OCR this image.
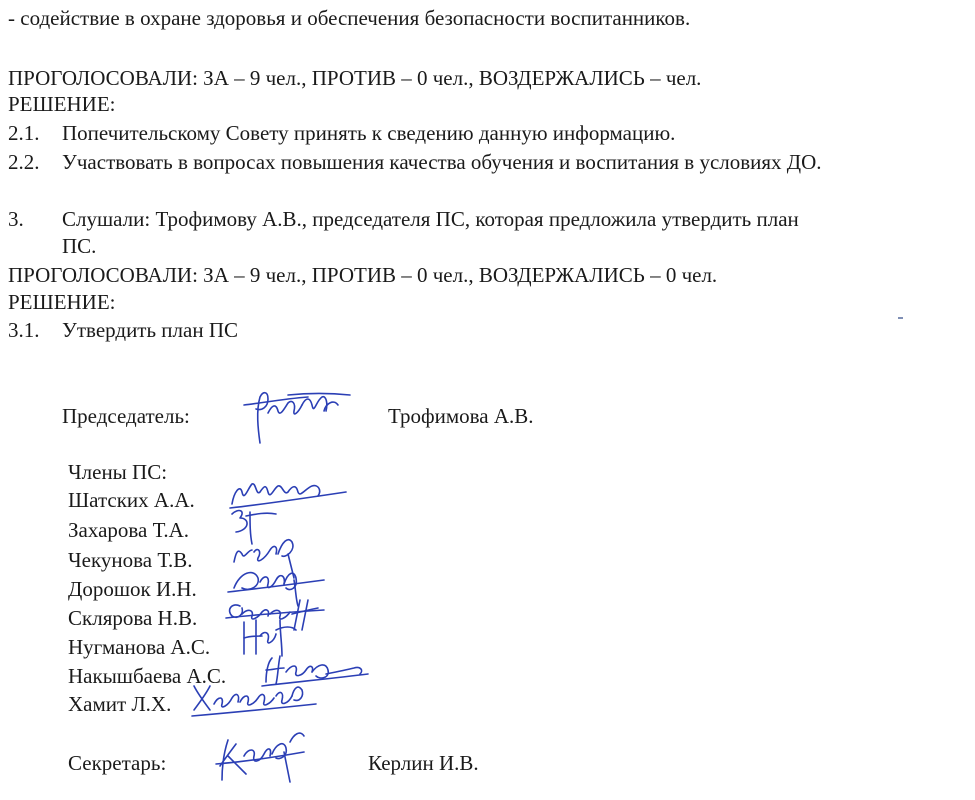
- содействие в охране здоровья и обеспечения безопасности воспитанников.
ПРОГОЛОСОВАЛИ: ЗА – 9 чел., ПРОТИВ – 0 чел., ВОЗДЕРЖАЛИСЬ – чел.
РЕШЕНИЕ:
2.1. Попечительскому Совету принять к сведению данную информацию.
2.2. Участвовать в вопросах повышения качества обучения и воспитания в условиях ДО.
3. Слушали: Трофимову А.В., председателя ПС, которая предложила утвердить план
ПС.
ПРОГОЛОСОВАЛИ: ЗА – 9 чел., ПРОТИВ – 0 чел., ВОЗДЕРЖАЛИСЬ – 0 чел.
РЕШЕНИЕ:
3.1. Утвердить план ПС
Председатель:	Трофимова А.В.
Члены ПС:
Шатских А.А.
Захарова Т.А.
Чекунова Т.В.
Дорошок И.Н.
Склярова Н.В.
Нугманова А.С.
Накышбаева А.С.
Хамит Л.Х.
Секретарь:	Керлин И.В.
